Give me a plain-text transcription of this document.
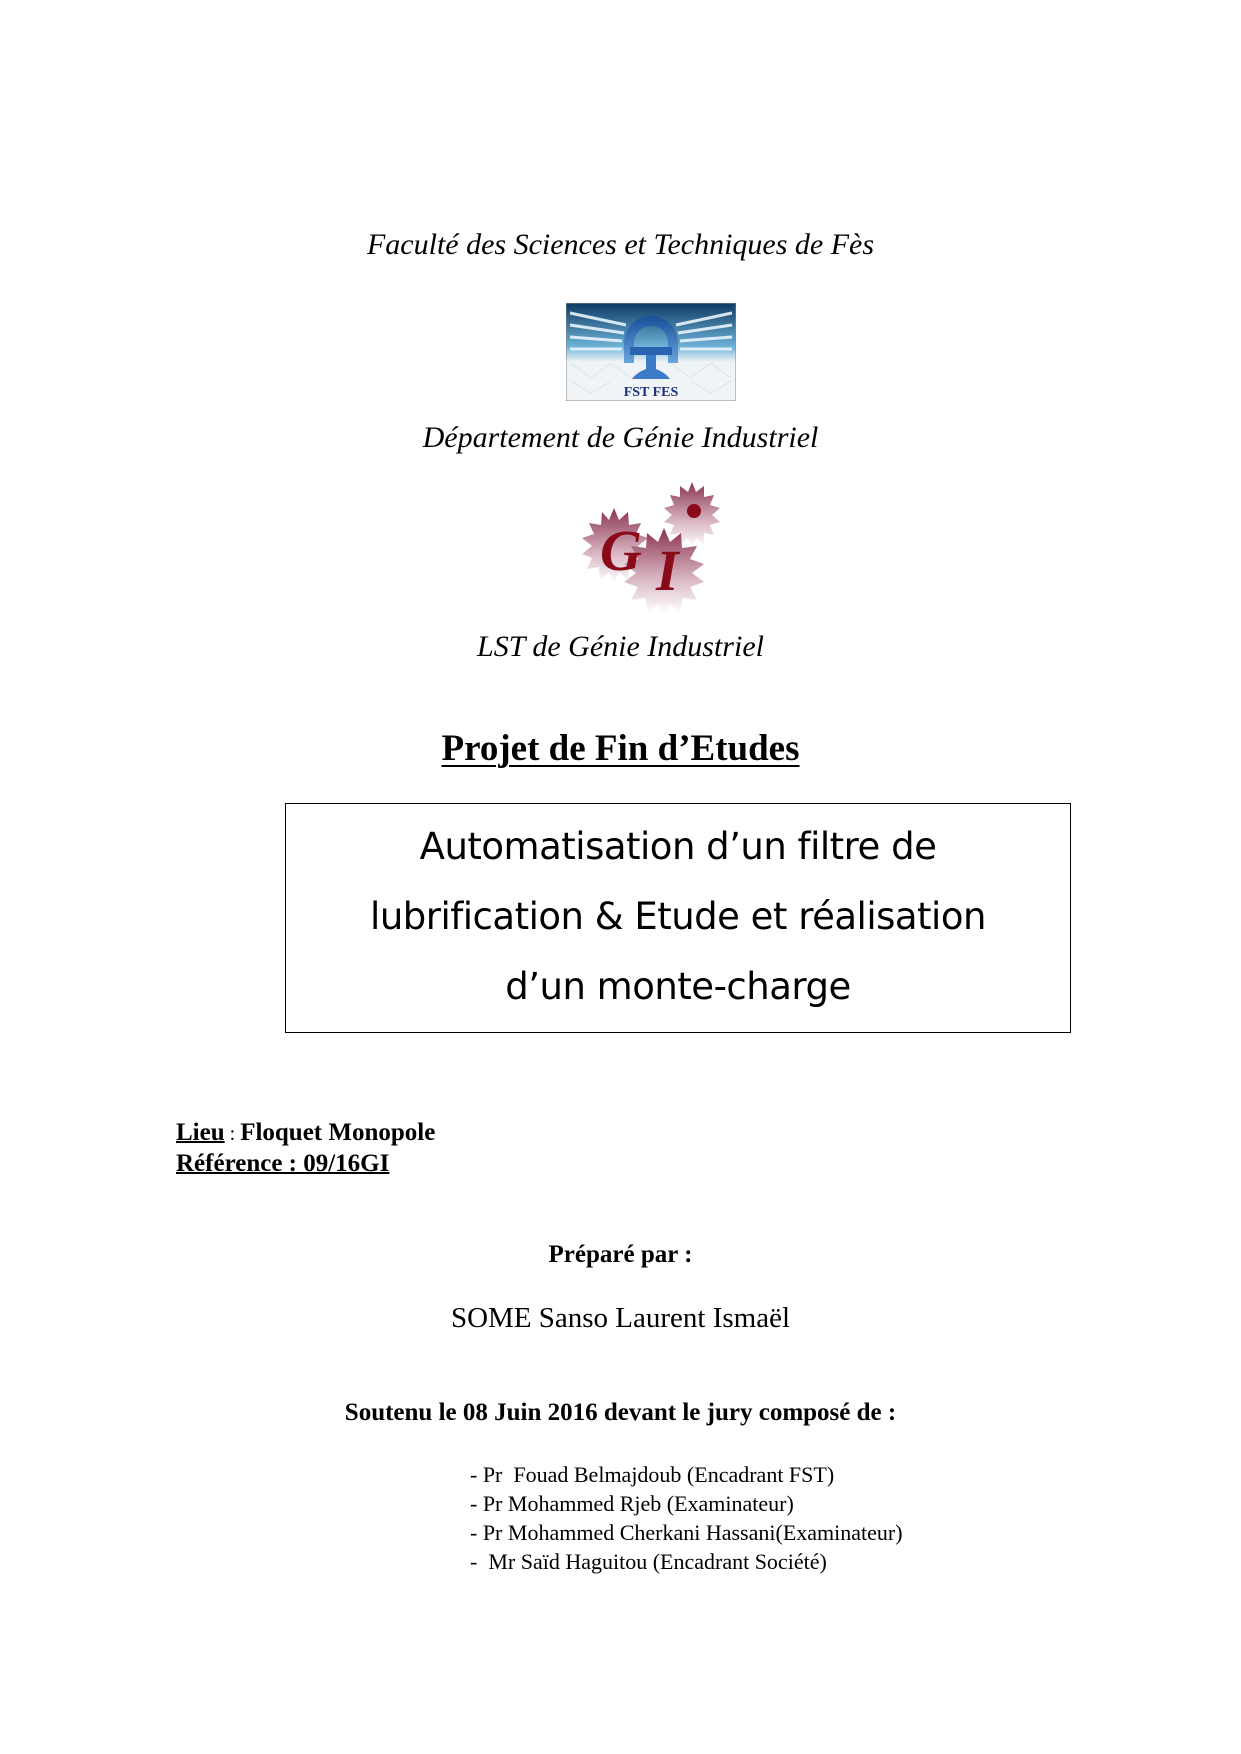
Faculté des Sciences et Techniques de Fès
FST FES
Département de Génie Industriel
G I
LST de Génie Industriel
Projet de Fin d’Etudes
Automatisation d’un filtre de
lubrification & Etude et réalisation
d’un monte-charge
Lieu : Floquet Monopole
Référence : 09/16GI
Préparé par :
SOME Sanso Laurent Ismaël
Soutenu le 08 Juin 2016 devant le jury composé de :
- Pr  Fouad Belmajdoub (Encadrant FST)
- Pr Mohammed Rjeb (Examinateur)
- Pr Mohammed Cherkani Hassani(Examinateur)
-  Mr Saïd Haguitou (Encadrant Société)
